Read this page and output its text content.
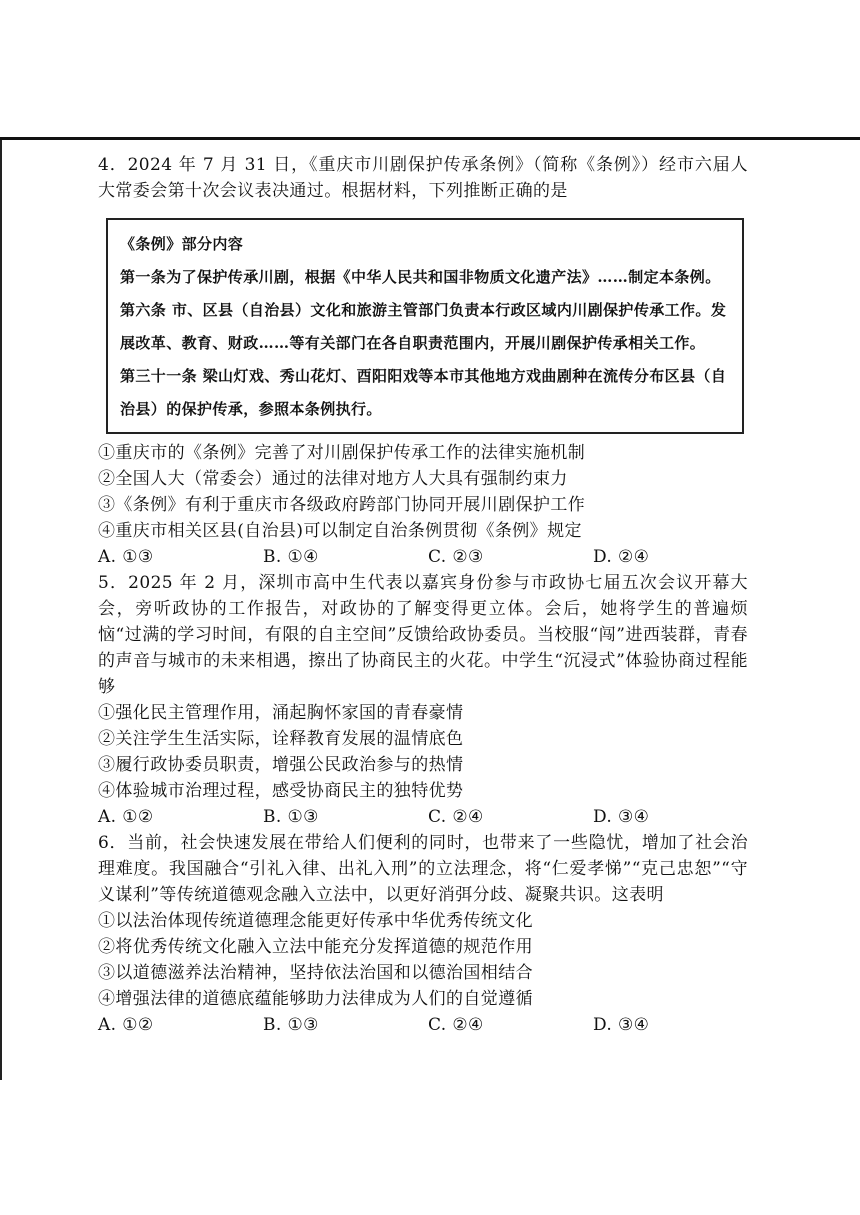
4．2024 年 7 月 31 日，《重庆市川剧保护传承条例》（简称《条例》）经市六届人大常委会第十次会议表决通过。根据材料，下列推断正确的是

《条例》部分内容

第一条为了保护传承川剧，根据《中华人民共和国非物质文化遗产法》……制定本条例。

第六条 市、区县（自治县）文化和旅游主管部门负责本行政区域内川剧保护传承工作。发展改革、教育、财政……等有关部门在各自职责范围内，开展川剧保护传承相关工作。

第三十一条 梁山灯戏、秀山花灯、酉阳阳戏等本市其他地方戏曲剧种在流传分布区县（自治县）的保护传承，参照本条例执行。

①重庆市的《条例》完善了对川剧保护传承工作的法律实施机制
②全国人大（常委会）通过的法律对地方人大具有强制约束力
③《条例》有利于重庆市各级政府跨部门协同开展川剧保护工作
④重庆市相关区县(自治县)可以制定自治条例贯彻《条例》规定
A. ①③	B. ①④	C. ②③	D. ②④

5．2025 年 2 月，深圳市高中生代表以嘉宾身份参与市政协七届五次会议开幕大会，旁听政协的工作报告，对政协的了解变得更立体。会后，她将学生的普遍烦恼“过满的学习时间，有限的自主空间”反馈给政协委员。当校服“闯”进西装群，青春的声音与城市的未来相遇，擦出了协商民主的火花。中学生“沉浸式”体验协商过程能够

①强化民主管理作用，涌起胸怀家国的青春豪情
②关注学生生活实际，诠释教育发展的温情底色
③履行政协委员职责，增强公民政治参与的热情
④体验城市治理过程，感受协商民主的独特优势
A. ①②	B. ①③	C. ②④	D. ③④

6．当前，社会快速发展在带给人们便利的同时，也带来了一些隐忧，增加了社会治理难度。我国融合“引礼入律、出礼入刑”的立法理念，将“仁爱孝悌”“克己忠恕”“守义谋利”等传统道德观念融入立法中，以更好消弭分歧、凝聚共识。这表明

①以法治体现传统道德理念能更好传承中华优秀传统文化
②将优秀传统文化融入立法中能充分发挥道德的规范作用
③以道德滋养法治精神，坚持依法治国和以德治国相结合
④增强法律的道德底蕴能够助力法律成为人们的自觉遵循
A. ①②	B. ①③	C. ②④	D. ③④
